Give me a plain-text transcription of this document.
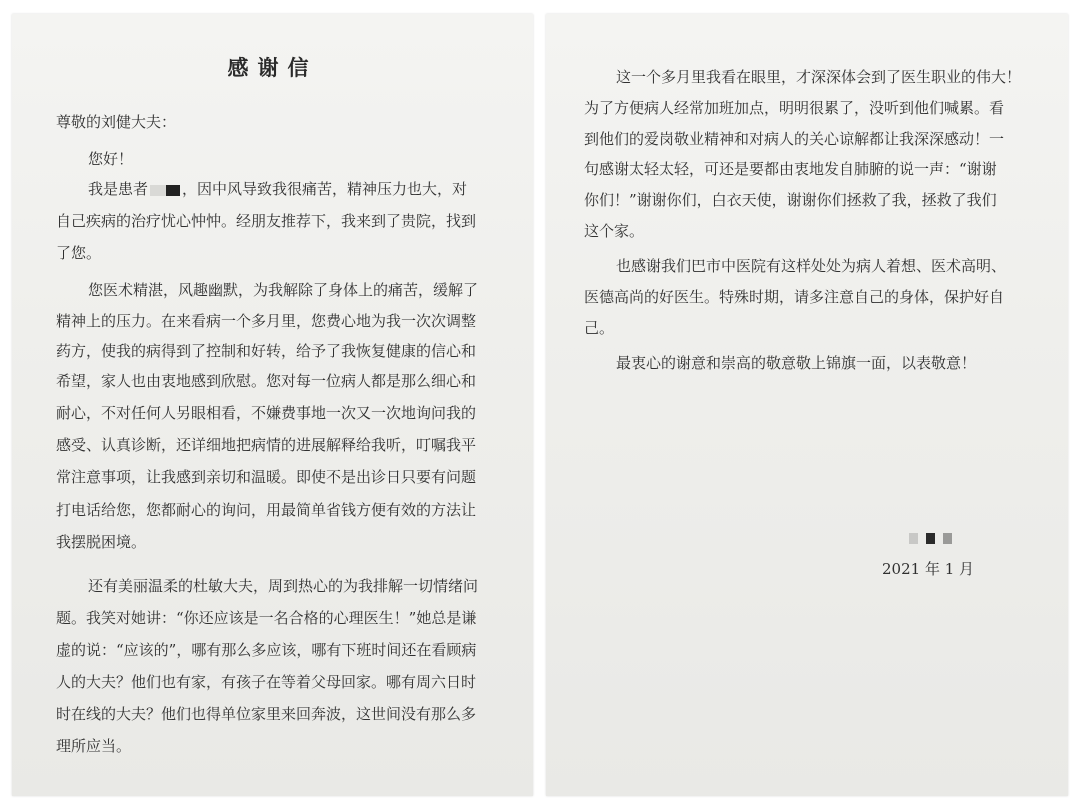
感谢信
尊敬的刘健大夫：
您好！
我是患者 ，因中风导致我很痛苦，精神压力也大，对
自己疾病的治疗忧心忡忡。经朋友推荐下，我来到了贵院，找到
了您。
您医术精湛，风趣幽默，为我解除了身体上的痛苦，缓解了
精神上的压力。在来看病一个多月里，您费心地为我一次次调整
药方，使我的病得到了控制和好转，给予了我恢复健康的信心和
希望，家人也由衷地感到欣慰。您对每一位病人都是那么细心和
耐心，不对任何人另眼相看，不嫌费事地一次又一次地询问我的
感受、认真诊断，还详细地把病情的进展解释给我听，叮嘱我平
常注意事项，让我感到亲切和温暖。即使不是出诊日只要有问题
打电话给您，您都耐心的询问，用最简单省钱方便有效的方法让
我摆脱困境。
还有美丽温柔的杜敏大夫，周到热心的为我排解一切情绪问
题。我笑对她讲：“你还应该是一名合格的心理医生！”她总是谦
虚的说：“应该的”，哪有那么多应该，哪有下班时间还在看顾病
人的大夫？他们也有家，有孩子在等着父母回家。哪有周六日时
时在线的大夫？他们也得单位家里来回奔波，这世间没有那么多
理所应当。
这一个多月里我看在眼里，才深深体会到了医生职业的伟大！
为了方便病人经常加班加点，明明很累了，没听到他们喊累。看
到他们的爱岗敬业精神和对病人的关心谅解都让我深深感动！一
句感谢太轻太轻，可还是要都由衷地发自肺腑的说一声：“谢谢
你们！”谢谢你们，白衣天使，谢谢你们拯救了我，拯救了我们
这个家。
也感谢我们巴市中医院有这样处处为病人着想、医术高明、
医德高尚的好医生。特殊时期，请多注意自己的身体，保护好自
己。
最衷心的谢意和崇高的敬意敬上锦旗一面，以表敬意！
2021 年 1 月
